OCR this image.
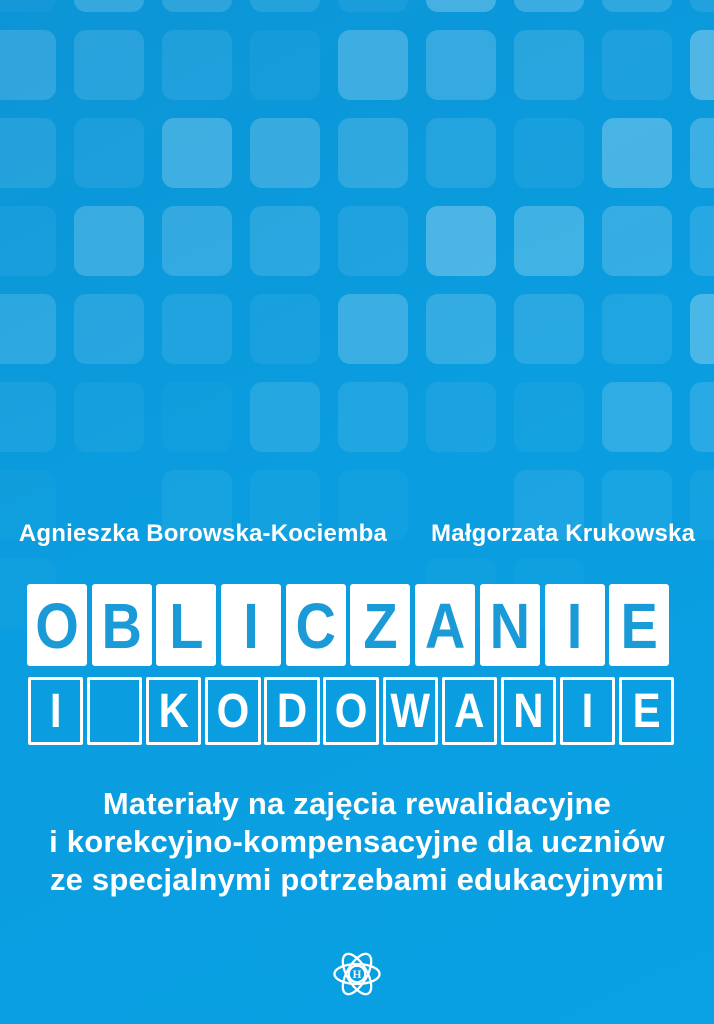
Agnieszka Borowska-Kociemba Małgorzata Krukowska
O B L I C Z A N I E
I K O D O W A N I E
Materiały na zajęcia rewalidacyjne
i korekcyjno-kompensacyjne dla uczniów
ze specjalnymi potrzebami edukacyjnymi
H
